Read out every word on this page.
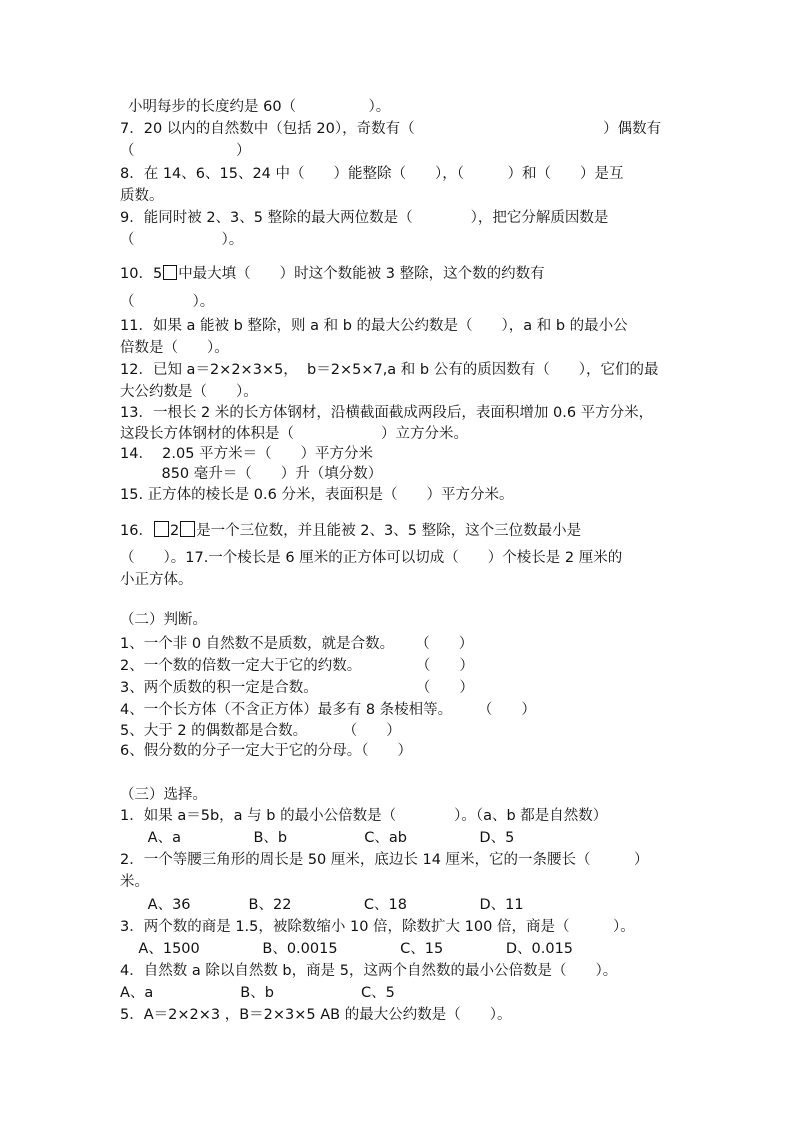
小明每步的长度约是 60（　　　　　）。

7．20 以内的自然数中（包括 20），奇数有（　　　　　　　　　　　　　）偶数有

（　　　　　　　）

8．在 14、6、15、24 中（　　）能整除（　　），（　　　）和（　　）是互

质数。

9．能同时被 2、3、5 整除的最大两位数是（　　　　），把它分解质因数是

（　　　　　　）。

10．5 中最大填（　　）时这个数能被 3 整除，这个数的约数有

（　　　　）。

11．如果 a 能被 b 整除，则 a 和 b 的最大公约数是（　　），a 和 b 的最小公

倍数是（　　）。

12．已知 a＝2×2×3×5，  b＝2×5×7,a 和 b 公有的质因数有（　　），它们的最

大公约数是（　　）。

13．一根长 2 米的长方体钢材，沿横截面截成两段后，表面积增加 0.6 平方分米，

这段长方体钢材的体积是（　　　　　　）立方分米。

14．  2.05 平方米＝（　　）平方分米

850 毫升＝（　　）升（填分数）

15. 正方体的棱长是 0.6 分米，表面积是（　　）平方分米。

16． 2 是一个三位数，并且能被 2、3、5 整除，这个三位数最小是

（　　）。17.一个棱长是 6 厘米的正方体可以切成（　　）个棱长是 2 厘米的

小正方体。

（二）判断。

1、一个非 0 自然数不是质数，就是合数。　   （　　）

2、一个数的倍数一定大于它的约数。　　　    （　　）

3、两个质数的积一定是合数。　　　　　　    （　　）

4、一个长方体（不含正方体）最多有 8 条棱相等。　    （　　）

5、大于 2 的偶数都是合数。　　   （　　）

6、假分数的分子一定大于它的分母。（　　）

（三）选择。

1．如果 a＝5b，a 与 b 的最小公倍数是（　　　　）。（a、b 都是自然数）

A、a　　　　　B、b　　　　　 C、ab　　　　　D、5

2．一个等腰三角形的周长是 50 厘米，底边长 14 厘米，它的一条腰长（　　　）

米。

A、36　　　　B、22　　　　　C、18　　　　　D、11

3．两个数的商是 1.5，被除数缩小 10 倍，除数扩大 100 倍，商是（　　　）。

A、1500　　　　 B、0.0015　　　　 C、15　　　　 D、0.015

4．自然数 a 除以自然数 b，商是 5，这两个自然数的最小公倍数是（　　）。

A、a　　　　　　B、b　　　　　　C、5

5．A＝2×2×3 ，B＝2×3×5 AB 的最大公约数是（　　）。
